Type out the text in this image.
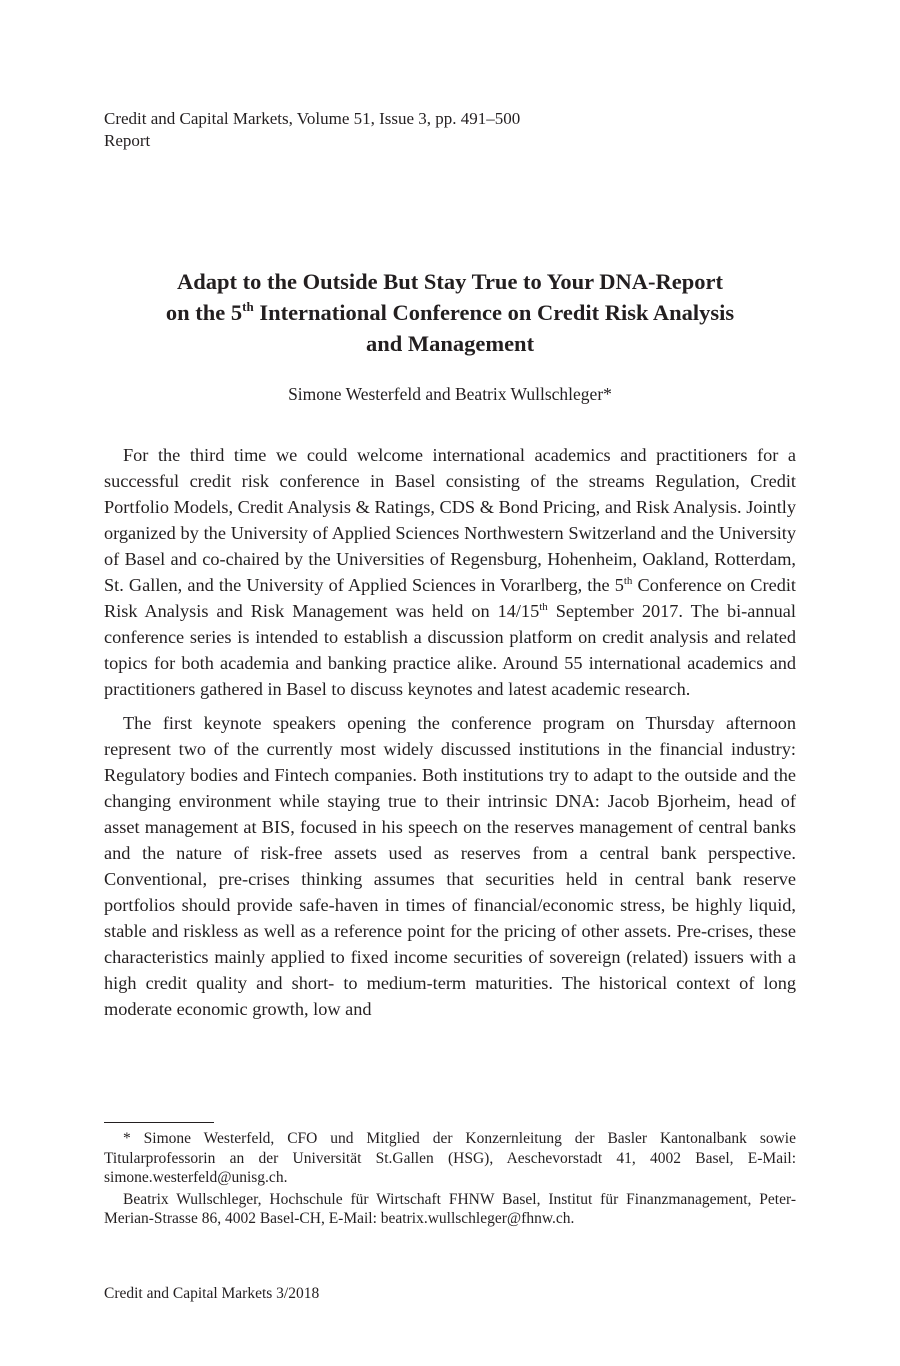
Credit and Capital Markets, Volume 51, Issue 3, pp. 491–500
Report
Adapt to the Outside But Stay True to Your DNA-Report
on the 5th International Conference on Credit Risk Analysis
and Management
Simone Westerfeld and Beatrix Wullschleger*

For the third time we could welcome international academics and practitioners for a successful credit risk conference in Basel consisting of the streams Regulation, Credit Portfolio Models, Credit Analysis & Ratings, CDS & Bond Pricing, and Risk Analysis. Jointly organized by the University of Applied Sciences Northwestern Switzerland and the University of Basel and co-chaired by the Universities of Regensburg, Hohenheim, Oakland, Rotterdam, St. Gallen, and the University of Applied Sciences in Vorarlberg, the 5th Conference on Credit Risk Analysis and Risk Management was held on 14/15th September 2017. The bi-annual conference series is intended to establish a discussion platform on credit analysis and related topics for both academia and banking practice alike. Around 55 international academics and practitioners gathered in Basel to discuss keynotes and latest academic research.

The first keynote speakers opening the conference program on Thursday afternoon represent two of the currently most widely discussed institutions in the financial industry: Regulatory bodies and Fintech companies. Both institutions try to adapt to the outside and the changing environment while staying true to their intrinsic DNA: Jacob Bjorheim, head of asset management at BIS, focused in his speech on the reserves management of central banks and the nature of risk-free assets used as reserves from a central bank perspective. Conventional, pre-crises thinking assumes that securities held in central bank reserve portfolios should provide safe-haven in times of financial/economic stress, be highly liquid, stable and riskless as well as a reference point for the pricing of other assets. Pre-crises, these characteristics mainly applied to fixed income securities of sovereign (related) issuers with a high credit quality and short- to medium-term maturities. The historical context of long moderate economic growth, low and

* Simone Westerfeld, CFO und Mitglied der Konzernleitung der Basler Kantonalbank sowie Titularprofessorin an der Universität St.Gallen (HSG), Aeschevorstadt 41, 4002 Basel, E-Mail: simone.westerfeld@unisg.ch.

Beatrix Wullschleger, Hochschule für Wirtschaft FHNW Basel, Institut für Finanzmanagement, Peter-Merian-Strasse 86, 4002 Basel-CH, E-Mail: beatrix.wullschleger@fhnw.ch.

Credit and Capital Markets 3/2018
